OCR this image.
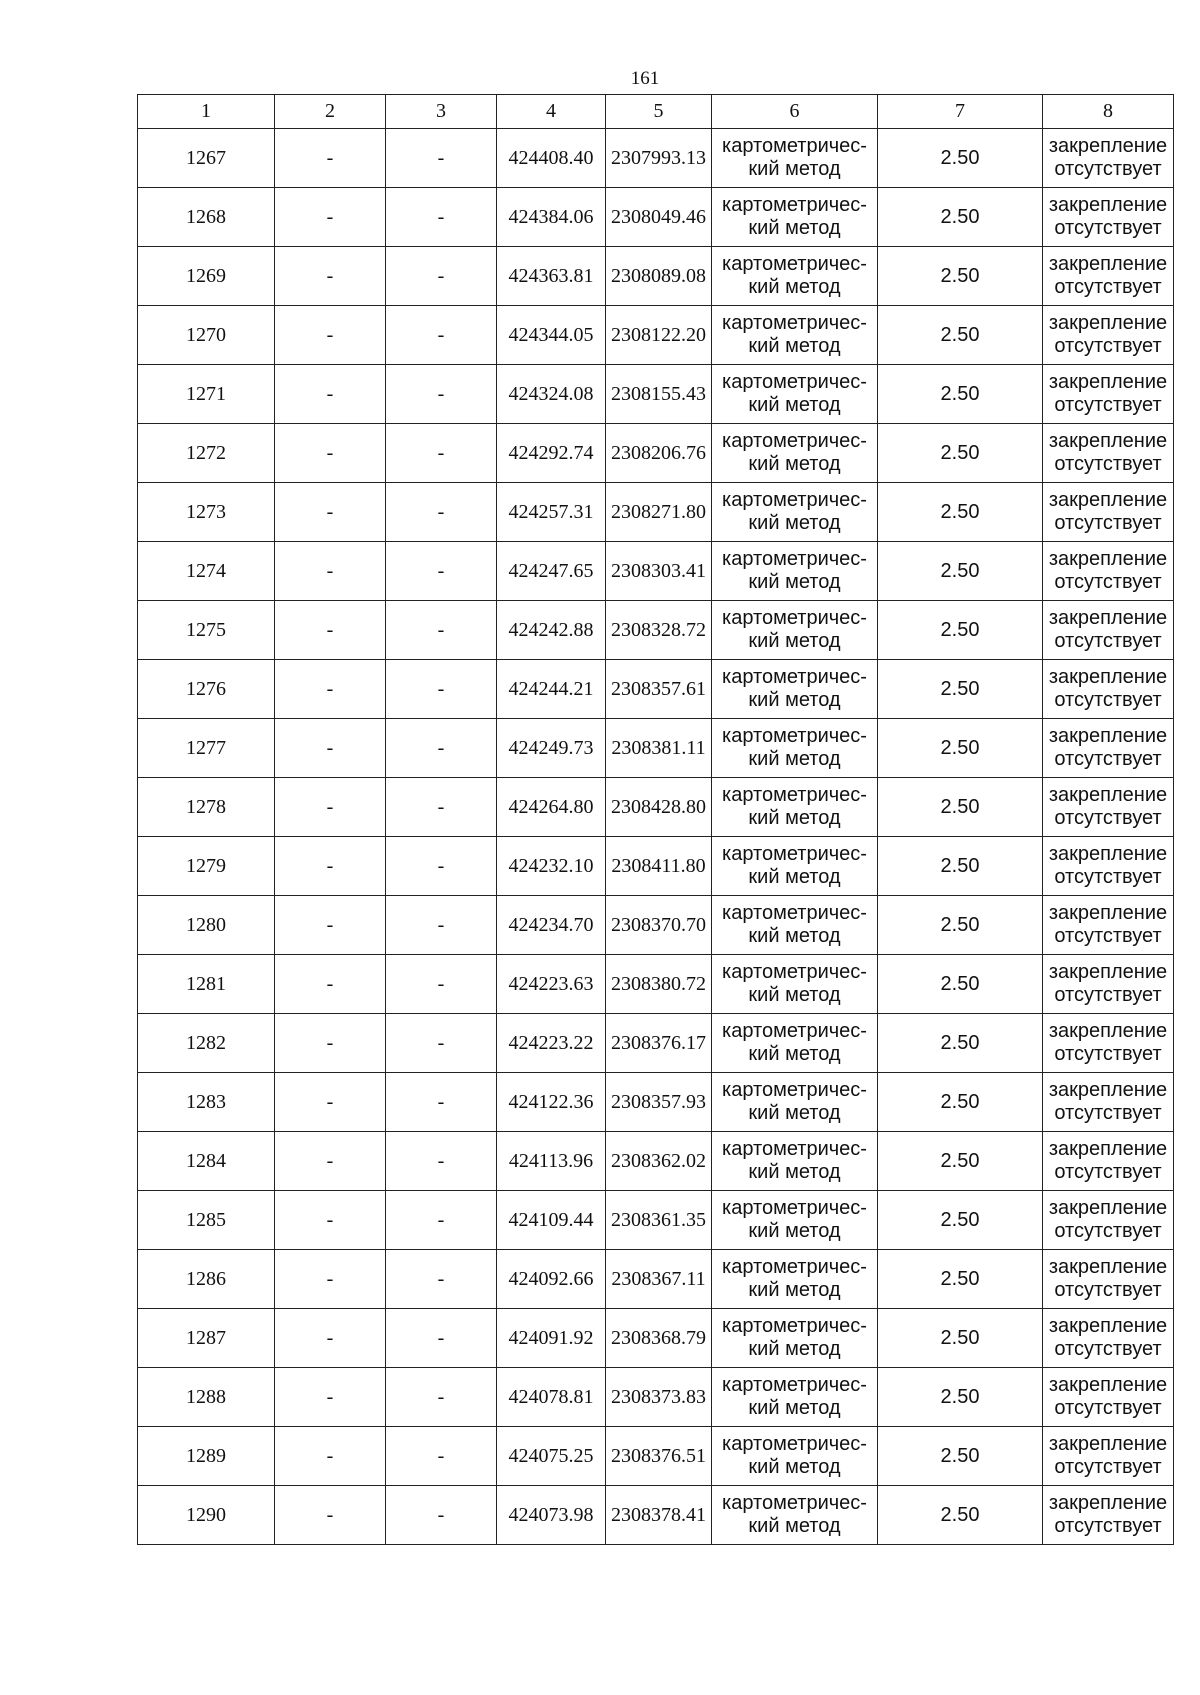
161
1	2	3	4	5	6	7	8
1267	-	-	424408.40	2307993.13	картометричес-
кий метод	2.50	закрепление
отсутствует

1268	-	-	424384.06	2308049.46	картометричес-
кий метод	2.50	закрепление
отсутствует

1269	-	-	424363.81	2308089.08	картометричес-
кий метод	2.50	закрепление
отсутствует

1270	-	-	424344.05	2308122.20	картометричес-
кий метод	2.50	закрепление
отсутствует

1271	-	-	424324.08	2308155.43	картометричес-
кий метод	2.50	закрепление
отсутствует

1272	-	-	424292.74	2308206.76	картометричес-
кий метод	2.50	закрепление
отсутствует

1273	-	-	424257.31	2308271.80	картометричес-
кий метод	2.50	закрепление
отсутствует

1274	-	-	424247.65	2308303.41	картометричес-
кий метод	2.50	закрепление
отсутствует

1275	-	-	424242.88	2308328.72	картометричес-
кий метод	2.50	закрепление
отсутствует

1276	-	-	424244.21	2308357.61	картометричес-
кий метод	2.50	закрепление
отсутствует

1277	-	-	424249.73	2308381.11	картометричес-
кий метод	2.50	закрепление
отсутствует

1278	-	-	424264.80	2308428.80	картометричес-
кий метод	2.50	закрепление
отсутствует

1279	-	-	424232.10	2308411.80	картометричес-
кий метод	2.50	закрепление
отсутствует

1280	-	-	424234.70	2308370.70	картометричес-
кий метод	2.50	закрепление
отсутствует

1281	-	-	424223.63	2308380.72	картометричес-
кий метод	2.50	закрепление
отсутствует

1282	-	-	424223.22	2308376.17	картометричес-
кий метод	2.50	закрепление
отсутствует

1283	-	-	424122.36	2308357.93	картометричес-
кий метод	2.50	закрепление
отсутствует

1284	-	-	424113.96	2308362.02	картометричес-
кий метод	2.50	закрепление
отсутствует

1285	-	-	424109.44	2308361.35	картометричес-
кий метод	2.50	закрепление
отсутствует

1286	-	-	424092.66	2308367.11	картометричес-
кий метод	2.50	закрепление
отсутствует

1287	-	-	424091.92	2308368.79	картометричес-
кий метод	2.50	закрепление
отсутствует

1288	-	-	424078.81	2308373.83	картометричес-
кий метод	2.50	закрепление
отсутствует

1289	-	-	424075.25	2308376.51	картометричес-
кий метод	2.50	закрепление
отсутствует

1290	-	-	424073.98	2308378.41	картометричес-
кий метод	2.50	закрепление
отсутствует
